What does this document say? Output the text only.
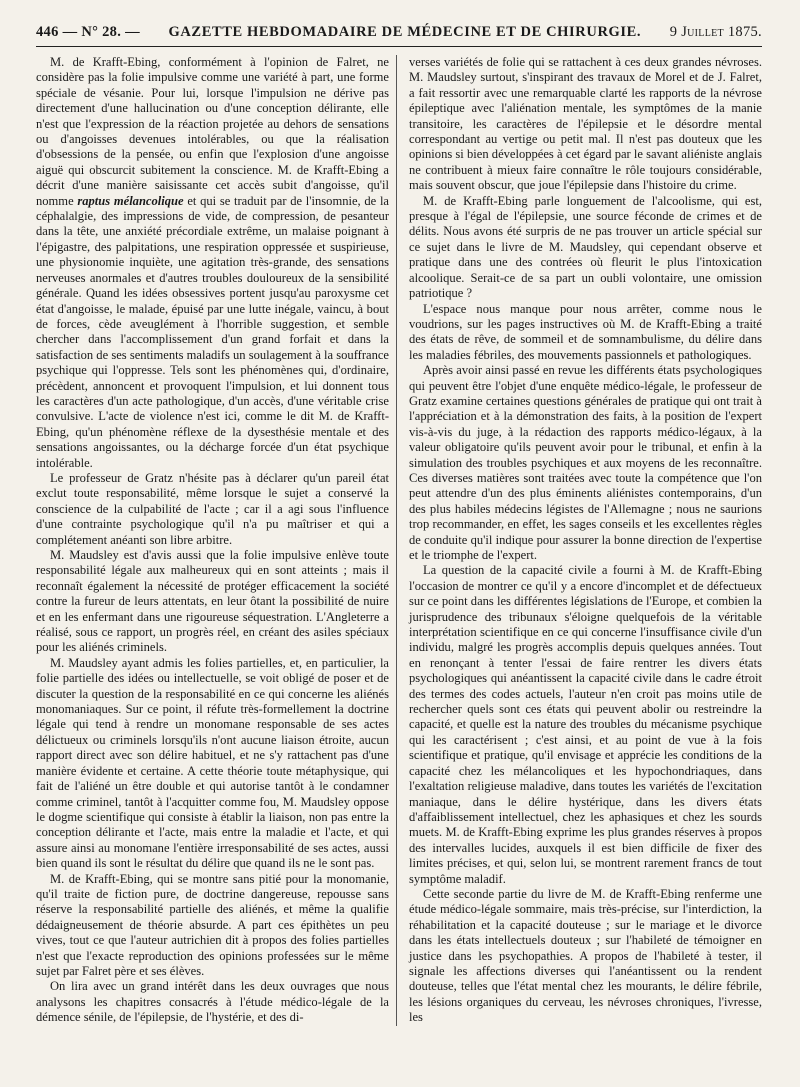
446 — N° 28. — GAZETTE HEBDOMADAIRE DE MÉDECINE ET DE CHIRURGIE. 9 Juillet 1875.

M. de Krafft-Ebing, conformément à l'opinion de Falret, ne considère pas la folie impulsive comme une variété à part, une forme spéciale de vésanie. Pour lui, lorsque l'impulsion ne dérive pas directement d'une hallucination ou d'une conception délirante, elle n'est que l'expression de la réaction projetée au dehors de sensations ou d'angoisses devenues intolérables, ou que la réalisation d'obsessions de la pensée, ou enfin que l'explosion d'une angoisse aiguë qui obscurcit subitement la conscience. M. de Krafft-Ebing a décrit d'une manière saisissante cet accès subit d'angoisse, qu'il nomme raptus mélancolique et qui se traduit par de l'insomnie, de la céphalalgie, des impressions de vide, de compression, de pesanteur dans la tête, une anxiété précordiale extrême, un malaise poignant à l'épigastre, des palpitations, une respiration oppressée et suspirieuse, une physionomie inquiète, une agitation très-grande, des sensations nerveuses anormales et d'autres troubles douloureux de la sensibilité générale. Quand les idées obsessives portent jusqu'au paroxysme cet état d'angoisse, le malade, épuisé par une lutte inégale, vaincu, à bout de forces, cède aveuglément à l'horrible suggestion, et semble chercher dans l'accomplissement d'un grand forfait et dans la satisfaction de ses sentiments maladifs un soulagement à la souffrance psychique qui l'oppresse. Tels sont les phénomènes qui, d'ordinaire, précèdent, annoncent et provoquent l'impulsion, et lui donnent tous les caractères d'un acte pathologique, d'un accès, d'une véritable crise convulsive. L'acte de violence n'est ici, comme le dit M. de Krafft-Ebing, qu'un phénomène réflexe de la dysesthésie mentale et des sensations angoissantes, ou la décharge forcée d'un état psychique intolérable.

Le professeur de Gratz n'hésite pas à déclarer qu'un pareil état exclut toute responsabilité, même lorsque le sujet a conservé la conscience de la culpabilité de l'acte ; car il a agi sous l'influence d'une contrainte psychologique qu'il n'a pu maîtriser et qui a complétement anéanti son libre arbitre.

M. Maudsley est d'avis aussi que la folie impulsive enlève toute responsabilité légale aux malheureux qui en sont atteints ; mais il reconnaît également la nécessité de protéger efficacement la société contre la fureur de leurs attentats, en leur ôtant la possibilité de nuire et en les enfermant dans une rigoureuse séquestration. L'Angleterre a réalisé, sous ce rapport, un progrès réel, en créant des asiles spéciaux pour les aliénés criminels.

M. Maudsley ayant admis les folies partielles, et, en particulier, la folie partielle des idées ou intellectuelle, se voit obligé de poser et de discuter la question de la responsabilité en ce qui concerne les aliénés monomaniaques. Sur ce point, il réfute très-formellement la doctrine légale qui tend à rendre un monomane responsable de ses actes délictueux ou criminels lorsqu'ils n'ont aucune liaison étroite, aucun rapport direct avec son délire habituel, et ne s'y rattachent pas d'une manière évidente et certaine. A cette théorie toute métaphysique, qui fait de l'aliéné un être double et qui autorise tantôt à le condamner comme criminel, tantôt à l'acquitter comme fou, M. Maudsley oppose le dogme scientifique qui consiste à établir la liaison, non pas entre la conception délirante et l'acte, mais entre la maladie et l'acte, et qui assure ainsi au monomane l'entière irresponsabilité de ses actes, aussi bien quand ils sont le résultat du délire que quand ils ne le sont pas.

M. de Krafft-Ebing, qui se montre sans pitié pour la monomanie, qu'il traite de fiction pure, de doctrine dangereuse, repousse sans réserve la responsabilité partielle des aliénés, et même la qualifie dédaigneusement de théorie absurde. A part ces épithètes un peu vives, tout ce que l'auteur autrichien dit à propos des folies partielles n'est que l'exacte reproduction des opinions professées sur le même sujet par Falret père et ses élèves.

On lira avec un grand intérêt dans les deux ouvrages que nous analysons les chapitres consacrés à l'étude médico-légale de la démence sénile, de l'épilepsie, de l'hystérie, et des di-

verses variétés de folie qui se rattachent à ces deux grandes névroses. M. Maudsley surtout, s'inspirant des travaux de Morel et de J. Falret, a fait ressortir avec une remarquable clarté les rapports de la névrose épileptique avec l'aliénation mentale, les symptômes de la manie transitoire, les caractères de l'épilepsie et le désordre mental correspondant au vertige ou petit mal. Il n'est pas douteux que les opinions si bien développées à cet égard par le savant aliéniste anglais ne contribuent à mieux faire connaître le rôle toujours considérable, mais souvent obscur, que joue l'épilepsie dans l'histoire du crime.

M. de Krafft-Ebing parle longuement de l'alcoolisme, qui est, presque à l'égal de l'épilepsie, une source féconde de crimes et de délits. Nous avons été surpris de ne pas trouver un article spécial sur ce sujet dans le livre de M. Maudsley, qui cependant observe et pratique dans une des contrées où fleurit le plus l'intoxication alcoolique. Serait-ce de sa part un oubli volontaire, une omission patriotique ?

L'espace nous manque pour nous arrêter, comme nous le voudrions, sur les pages instructives où M. de Krafft-Ebing a traité des états de rêve, de sommeil et de somnambulisme, du délire dans les maladies fébriles, des mouvements passionnels et pathologiques.

Après avoir ainsi passé en revue les différents états psychologiques qui peuvent être l'objet d'une enquête médico-légale, le professeur de Gratz examine certaines questions générales de pratique qui ont trait à l'appréciation et à la démonstration des faits, à la position de l'expert vis-à-vis du juge, à la rédaction des rapports médico-légaux, à la valeur obligatoire qu'ils peuvent avoir pour le tribunal, et enfin à la simulation des troubles psychiques et aux moyens de les reconnaître. Ces diverses matières sont traitées avec toute la compétence que l'on peut attendre d'un des plus éminents aliénistes contemporains, d'un des plus habiles médecins légistes de l'Allemagne ; nous ne saurions trop recommander, en effet, les sages conseils et les excellentes règles de conduite qu'il indique pour assurer la bonne direction de l'expertise et le triomphe de l'expert.

La question de la capacité civile a fourni à M. de Krafft-Ebing l'occasion de montrer ce qu'il y a encore d'incomplet et de défectueux sur ce point dans les différentes législations de l'Europe, et combien la jurisprudence des tribunaux s'éloigne quelquefois de la véritable interprétation scientifique en ce qui concerne l'insuffisance civile d'un individu, malgré les progrès accomplis depuis quelques années. Tout en renonçant à tenter l'essai de faire rentrer les divers états psychologiques qui anéantissent la capacité civile dans le cadre étroit des termes des codes actuels, l'auteur n'en croit pas moins utile de rechercher quels sont ces états qui peuvent abolir ou restreindre la capacité, et quelle est la nature des troubles du mécanisme psychique qui les caractérisent ; c'est ainsi, et au point de vue à la fois scientifique et pratique, qu'il envisage et apprécie les conditions de la capacité chez les mélancoliques et les hypochondriaques, dans l'exaltation religieuse maladive, dans toutes les variétés de l'excitation maniaque, dans le délire hystérique, dans les divers états d'affaiblissement intellectuel, chez les aphasiques et chez les sourds muets. M. de Krafft-Ebing exprime les plus grandes réserves à propos des intervalles lucides, auxquels il est bien difficile de fixer des limites précises, et qui, selon lui, se montrent rarement francs de tout symptôme maladif.

Cette seconde partie du livre de M. de Krafft-Ebing renferme une étude médico-légale sommaire, mais très-précise, sur l'interdiction, la réhabilitation et la capacité douteuse ; sur le mariage et le divorce dans les états intellectuels douteux ; sur l'habileté de témoigner en justice dans les psychopathies. A propos de l'habileté à tester, il signale les affections diverses qui l'anéantissent ou la rendent douteuse, telles que l'état mental chez les mourants, le délire fébrile, les lésions organiques du cerveau, les névroses chroniques, l'ivresse, les
